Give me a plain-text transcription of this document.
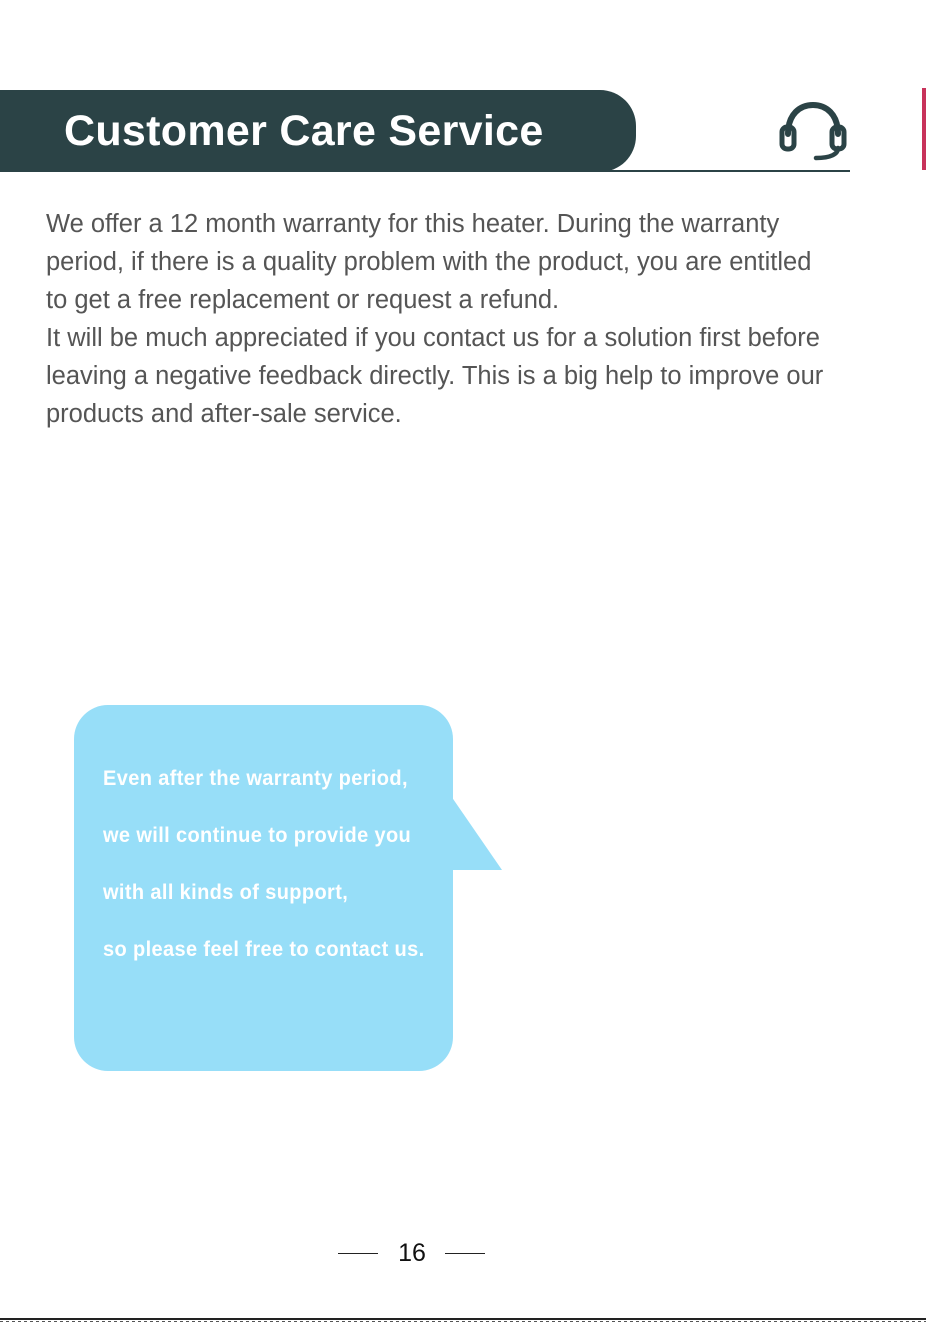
Customer Care Service

We offer a 12 month warranty for this heater. During the warranty

period, if there is a quality problem with the product, you are entitled

to get a free replacement or request a refund.

It will be much appreciated if you contact us for a solution first before

leaving a negative feedback directly. This is a big help to improve our

products and after-sale service.

Even after the warranty period,

we will continue to provide you

with all kinds of support,

so please feel free to contact us.

16
